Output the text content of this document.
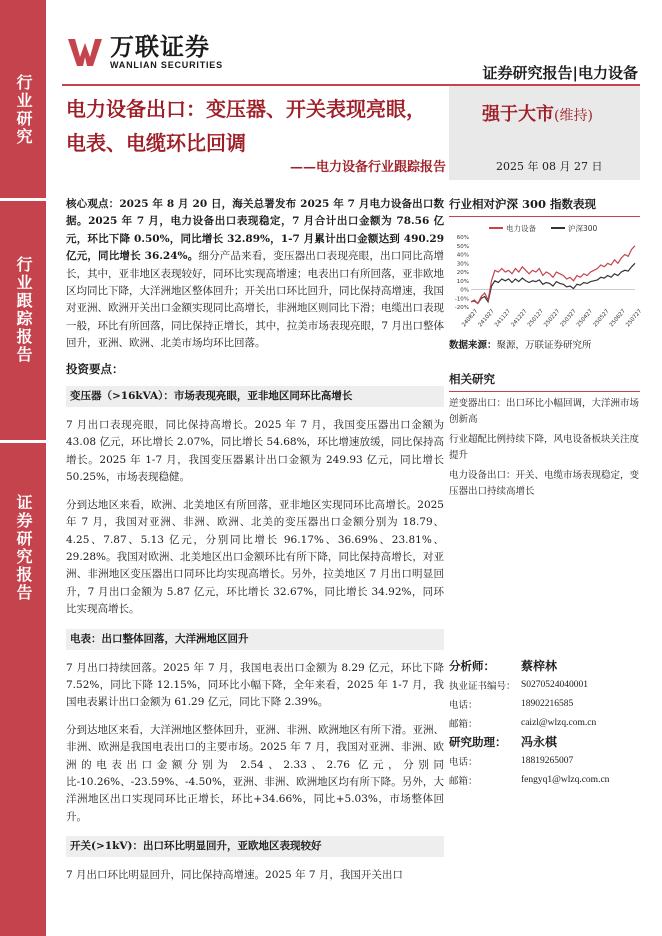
行业研究
行业跟踪报告
证券研究报告
万联证券
WANLIAN SECURITIES	证券研究报告|电力设备
电力设备出口：变压器、开关表现亮眼，电表、电缆环比回调
——电力设备行业跟踪报告
强于大市(维持)
2025 年 08 月 27 日
核心观点：2025 年 8 月 20 日，海关总署发布 2025 年 7 月电力设备出口数据。2025 年 7 月，电力设备出口表现稳定，7 月合计出口金额为 78.56 亿元，环比下降 0.50%，同比增长 32.89%，1-7 月累计出口金额达到 490.29 亿元，同比增长 36.24%。细分产品来看，变压器出口表现亮眼，出口同比高增长，其中，亚非地区表现较好，同环比实现高增速；电表出口有所回落，亚非欧地区均同比下降，大洋洲地区整体回升；开关出口环比回升，同比保持高增速，我国对亚洲、欧洲开关出口金额实现同比高增长，非洲地区则同比下滑；电缆出口表现一般，环比有所回落，同比保持正增长，其中，拉美市场表现亮眼，7 月出口整体回升，亚洲、欧洲、北美市场均环比回落。
投资要点：
变压器（>16kVA）：市场表现亮眼，亚非地区同环比高增长
7 月出口表现亮眼，同比保持高增长。2025 年 7 月，我国变压器出口金额为 43.08 亿元，环比增长 2.07%，同比增长 54.68%，环比增速放缓，同比保持高增长。2025 年 1-7 月，我国变压器累计出口金额为 249.93 亿元，同比增长 50.25%，市场表现稳健。
分到达地区来看，欧洲、北美地区有所回落，亚非地区实现同环比高增长。2025 年 7 月，我国对亚洲、非洲、欧洲、北美的变压器出口金额分别为 18.79、4.25、7.87、5.13 亿元，分别同比增长 96.17%、36.69%、23.81%、29.28%。我国对欧洲、北美地区出口金额环比有所下降，同比保持高增长，对亚洲、非洲地区变压器出口同环比均实现高增长。另外，拉美地区 7 月出口明显回升，7 月出口金额为 5.87 亿元，环比增长 32.67%，同比增长 34.92%，同环比实现高增长。
电表：出口整体回落，大洋洲地区回升
7 月出口持续回落。2025 年 7 月，我国电表出口金额为 8.29 亿元，环比下降 7.52%，同比下降 12.15%，同环比小幅下降，全年来看，2025 年 1-7 月，我国电表累计出口金额为 61.29 亿元，同比下降 2.39%。
分到达地区来看，大洋洲地区整体回升，亚洲、非洲、欧洲地区有所下滑。亚洲、非洲、欧洲是我国电表出口的主要市场。2025 年 7 月，我国对亚洲、非洲、欧洲的电表出口金额分别为 2.54、2.33、2.76 亿元，分别同比-10.26%、-23.59%、-4.50%，亚洲、非洲、欧洲地区均有所下降。另外，大洋洲地区出口实现同环比正增长，环比+34.66%，同比+5.03%，市场整体回升。
开关(>1kV)：出口环比明显回升，亚欧地区表现较好
7 月出口环比明显回升，同比保持高增速。2025 年 7 月，我国开关出口
行业相对沪深 300 指数表现
电力设备	沪深300
60%
50%
40%
30%
20%
10%
0%
-10%
-20%
240827
241027
241127
241227
250127
250227
250327
250427
250527
250627
250727
数据来源：聚源，万联证券研究所
相关研究
逆变器出口：出口环比小幅回调，大洋洲市场创新高
行业超配比例持续下降，风电设备板块关注度提升
电力设备出口：开关、电缆市场表现稳定，变压器出口持续高增长
分析师：	蔡梓林
执业证书编号： S0270524040001
电话：	18902216585
邮箱：	caizl@wlzq.com.cn
研究助理：	冯永棋
电话：	18819265007
邮箱：	fengyq1@wlzq.com.cn
